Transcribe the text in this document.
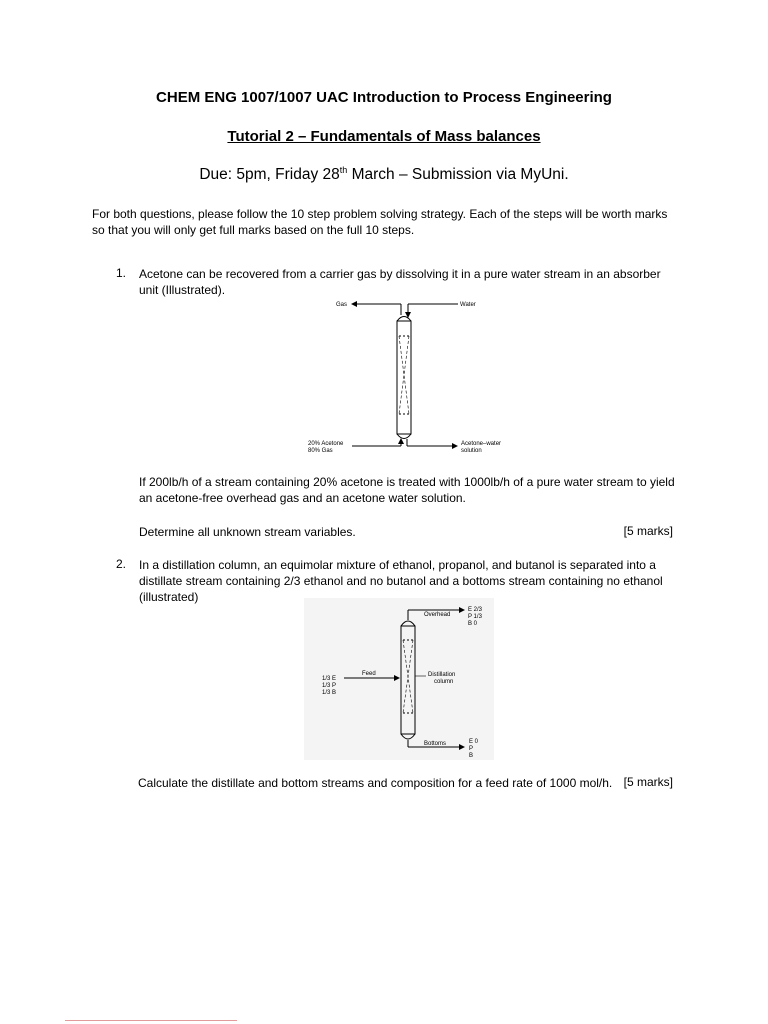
CHEM ENG 1007/1007 UAC Introduction to Process Engineering
Tutorial 2 – Fundamentals of Mass balances
Due: 5pm, Friday 28th March – Submission via MyUni.
For both questions, please follow the 10 step problem solving strategy. Each of the steps will be worth marks so that you will only get full marks based on the full 10 steps.
1. Acetone can be recovered from a carrier gas by dissolving it in a pure water stream in an absorber unit (Illustrated).
Gas	Water
20% Acetone
80% Gas
Acetone–water
solution
If 200lb/h of a stream containing 20% acetone is treated with 1000lb/h of a pure water stream to yield an acetone-free overhead gas and an acetone water solution.
Determine all unknown stream variables.	[5 marks]
2. In a distillation column, an equimolar mixture of ethanol, propanol, and butanol is separated into a distillate stream containing 2/3 ethanol and no butanol and a bottoms stream containing no ethanol (illustrated)
Overhead
E 2/3
P 1/3
B 0
Feed
1/3 E
1/3 P
1/3 B
Distillation
column
Bottoms	E 0
P
B
Calculate the distillate and bottom streams and composition for a feed rate of 1000 mol/h. [5 marks]
